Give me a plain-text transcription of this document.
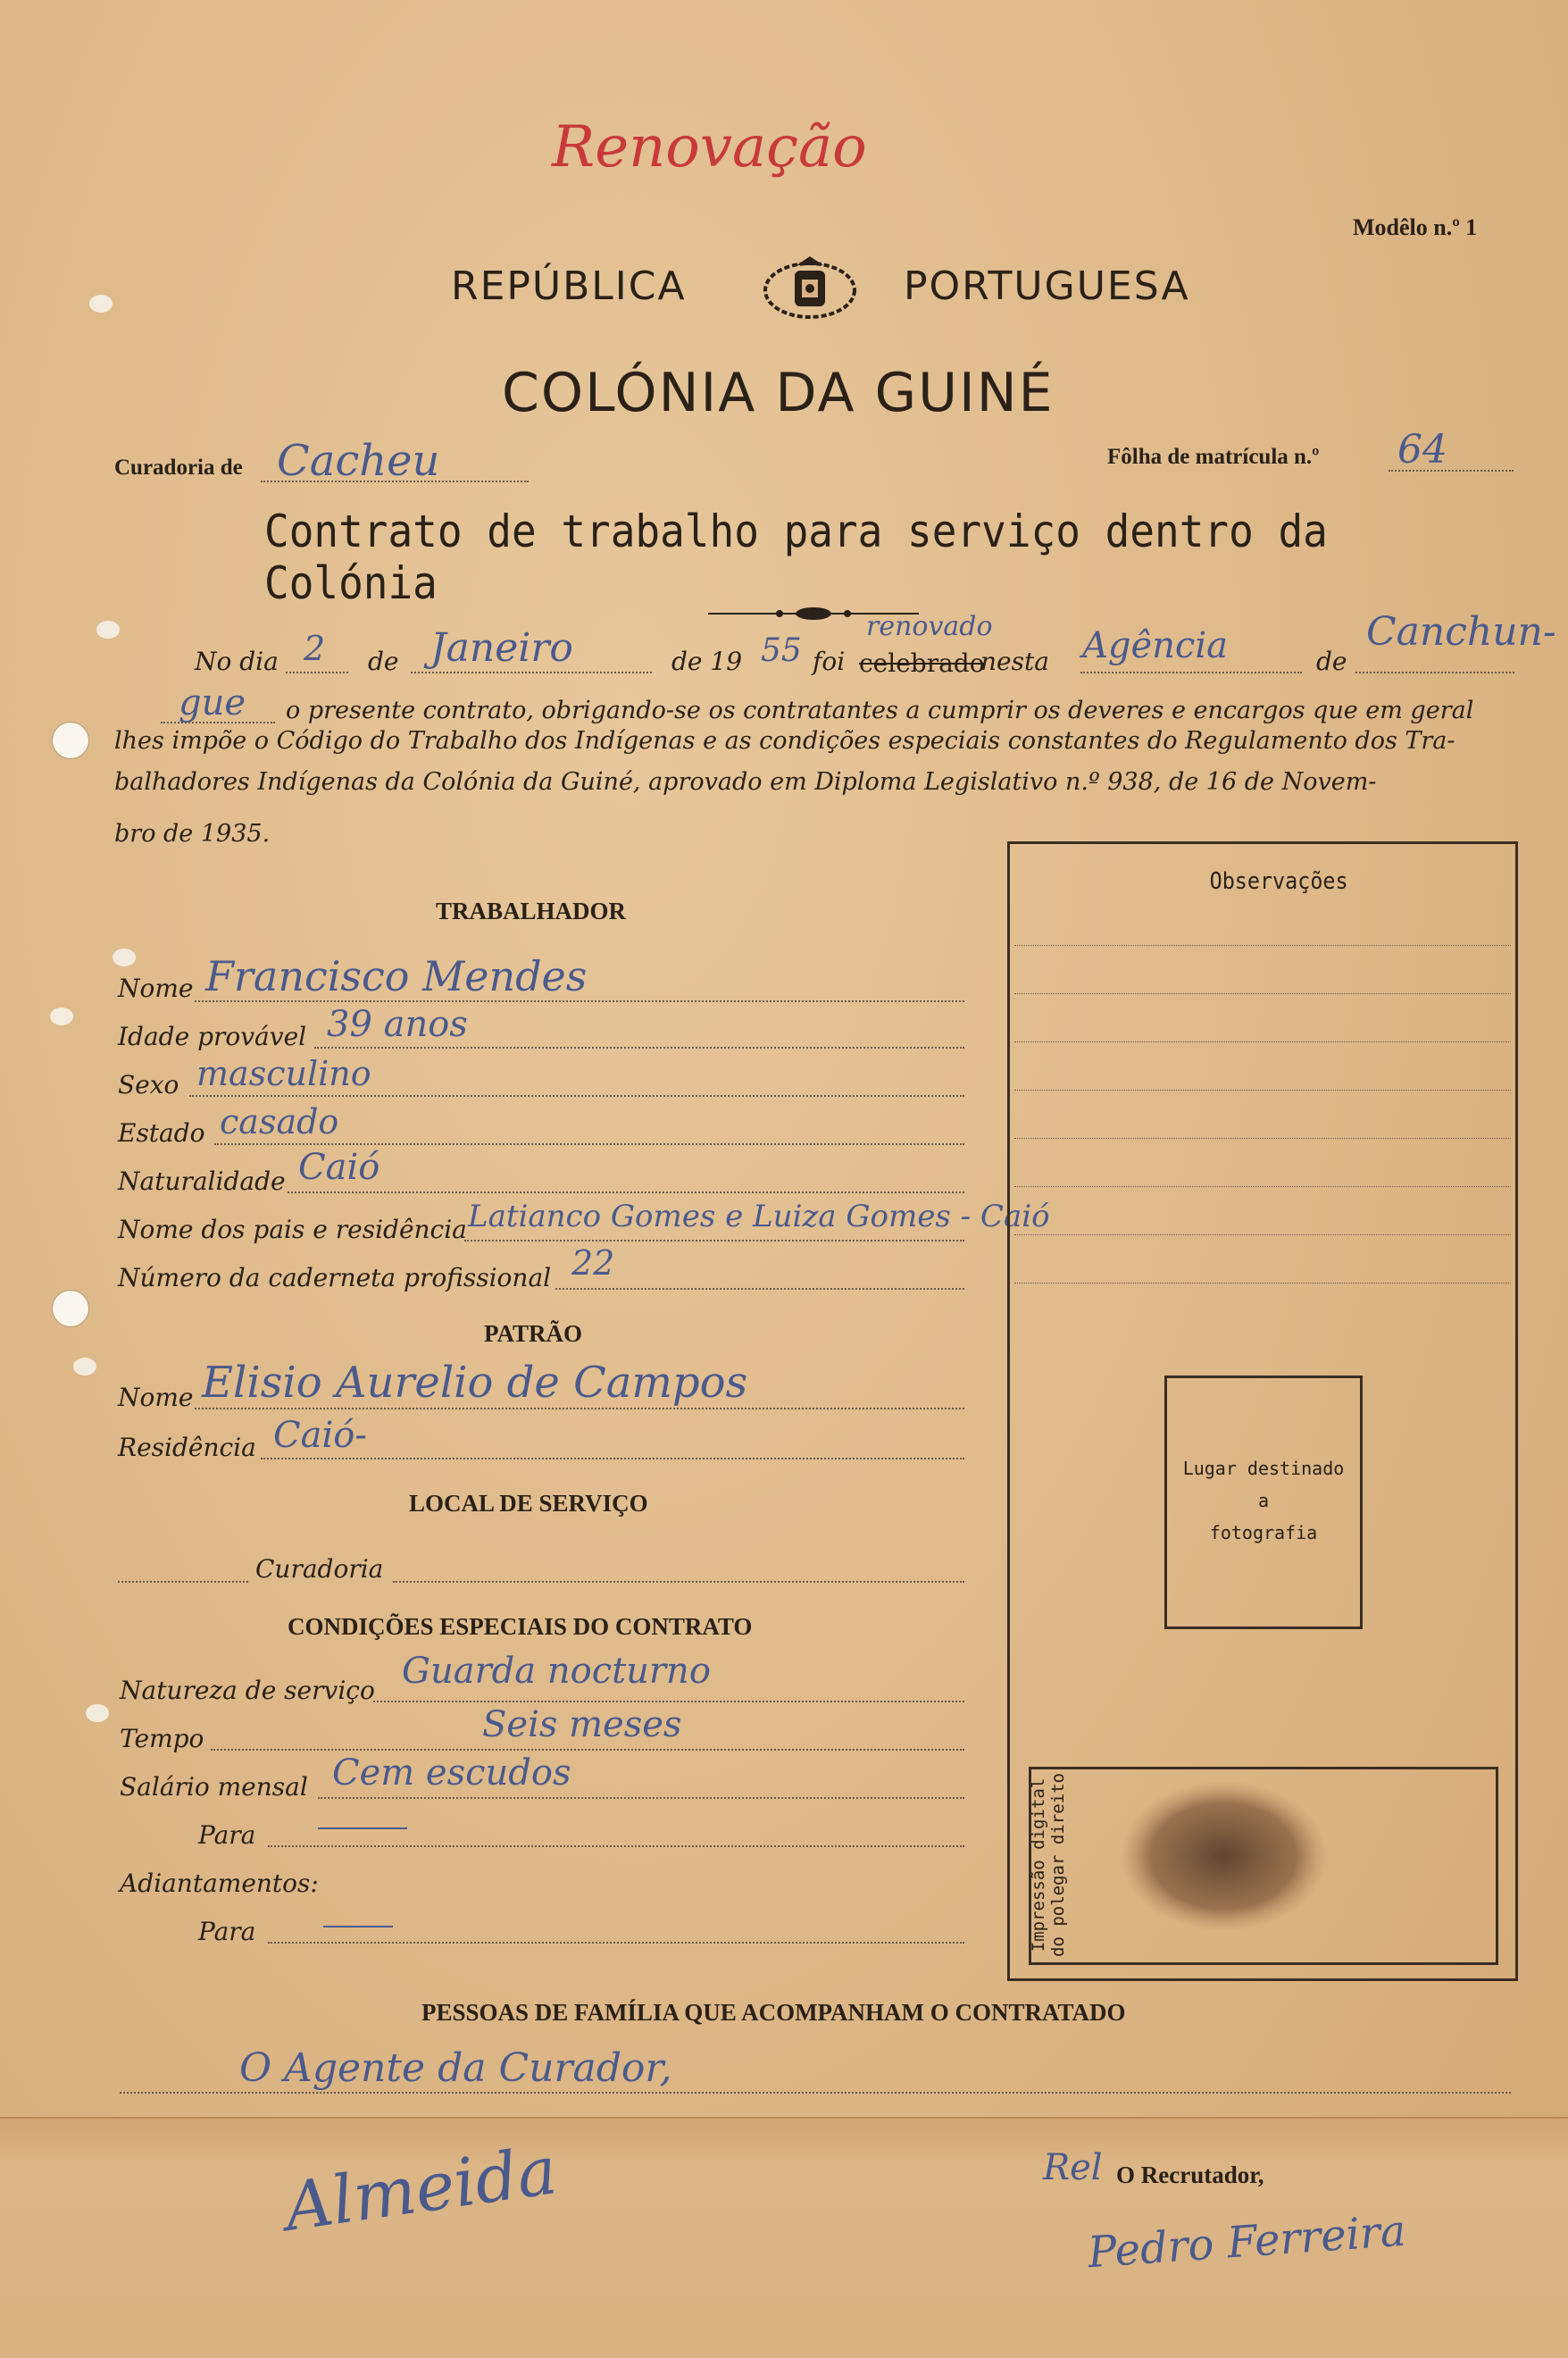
Renovação
Modêlo n.º 1
REPÚBLICA	PORTUGUESA
COLÓNIA DA GUINÉ
Curadoria de Cacheu	Fôlha de matrícula n.º 64
Contrato de trabalho para serviço dentro da Colónia
No dia 2 de Janeiro	de 19 55 foi
renovado
celebrado
nesta Agência	de
Canchun-
gue o presente contrato, obrigando-se os contratantes a cumprir os deveres e encargos que em geral
lhes impõe o Código do Trabalho dos Indígenas e as condições especiais constantes do Regulamento dos Tra-
balhadores Indígenas da Colónia da Guiné, aprovado em Diploma Legislativo n.º 938, de 16 de Novem-
bro de 1935.
TRABALHADOR
Nome Francisco Mendes
Idade provável 39 anos
Sexo masculino
Estado casado
Naturalidade Caió
Nome dos pais e residência Latianco Gomes e Luiza Gomes - Caió
Número da caderneta profissional 22
PATRÃO
Nome Elisio Aurelio de Campos
Residência Caió-
LOCAL DE SERVIÇO
Curadoria
CONDIÇÕES ESPECIAIS DO CONTRATO
Natureza de serviço Guarda nocturno
Tempo	Seis meses
Salário mensal Cem escudos
Para
Adiantamentos:
Para
Observações
Lugar destinado
a
fotografia
Impressão digital do polegar direito
PESSOAS DE FAMÍLIA QUE ACOMPANHAM O CONTRATADO
O Agente da Curador,
Almeida	Rel O Recrutador,
Pedro Ferreira
